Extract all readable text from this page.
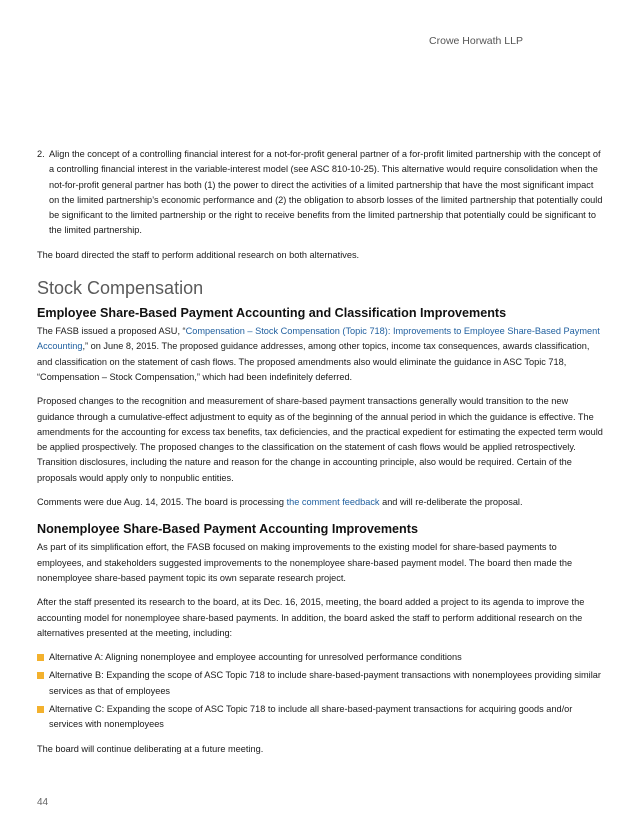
Crowe Horwath LLP
2. Align the concept of a controlling financial interest for a not-for-profit general partner of a for-profit limited partnership with the concept of a controlling financial interest in the variable-interest model (see ASC 810-10-25). This alternative would require consolidation when the not-for-profit general partner has both (1) the power to direct the activities of a limited partnership that have the most significant impact on the limited partnership’s economic performance and (2) the obligation to absorb losses of the limited partnership that potentially could be significant to the limited partnership or the right to receive benefits from the limited partnership that potentially could be significant to the limited partnership.

The board directed the staff to perform additional research on both alternatives.

Stock Compensation
Employee Share-Based Payment Accounting and Classification Improvements

The FASB issued a proposed ASU, “Compensation – Stock Compensation (Topic 718): Improvements to Employee Share-Based Payment Accounting,” on June 8, 2015. The proposed guidance addresses, among other topics, income tax consequences, awards classification, and classification on the statement of cash flows. The proposed amendments also would eliminate the guidance in ASC Topic 718, “Compensation – Stock Compensation,” which had been indefinitely deferred.

Proposed changes to the recognition and measurement of share-based payment transactions generally would transition to the new guidance through a cumulative-effect adjustment to equity as of the beginning of the annual period in which the guidance is effective. The amendments for the accounting for excess tax benefits, tax deficiencies, and the practical expedient for estimating the expected term would be applied prospectively. The proposed changes to the classification on the statement of cash flows would be applied retrospectively. Transition disclosures, including the nature and reason for the change in accounting principle, also would be required. Certain of the proposals would apply only to nonpublic entities.

Comments were due Aug. 14, 2015. The board is processing the comment feedback and will re-deliberate the proposal.

Nonemployee Share-Based Payment Accounting Improvements

As part of its simplification effort, the FASB focused on making improvements to the existing model for share-based payments to employees, and stakeholders suggested improvements to the nonemployee share-based payment model. The board then made the nonemployee share-based payment topic its own separate research project.

After the staff presented its research to the board, at its Dec. 16, 2015, meeting, the board added a project to its agenda to improve the accounting model for nonemployee share-based payments. In addition, the board asked the staff to perform additional research on the alternatives presented at the meeting, including:

Alternative A: Aligning nonemployee and employee accounting for unresolved performance conditions
Alternative B: Expanding the scope of ASC Topic 718 to include share-based-payment transactions with nonemployees providing similar services as that of employees
Alternative C: Expanding the scope of ASC Topic 718 to include all share-based-payment transactions for acquiring goods and/or services with nonemployees

The board will continue deliberating at a future meeting.

44
